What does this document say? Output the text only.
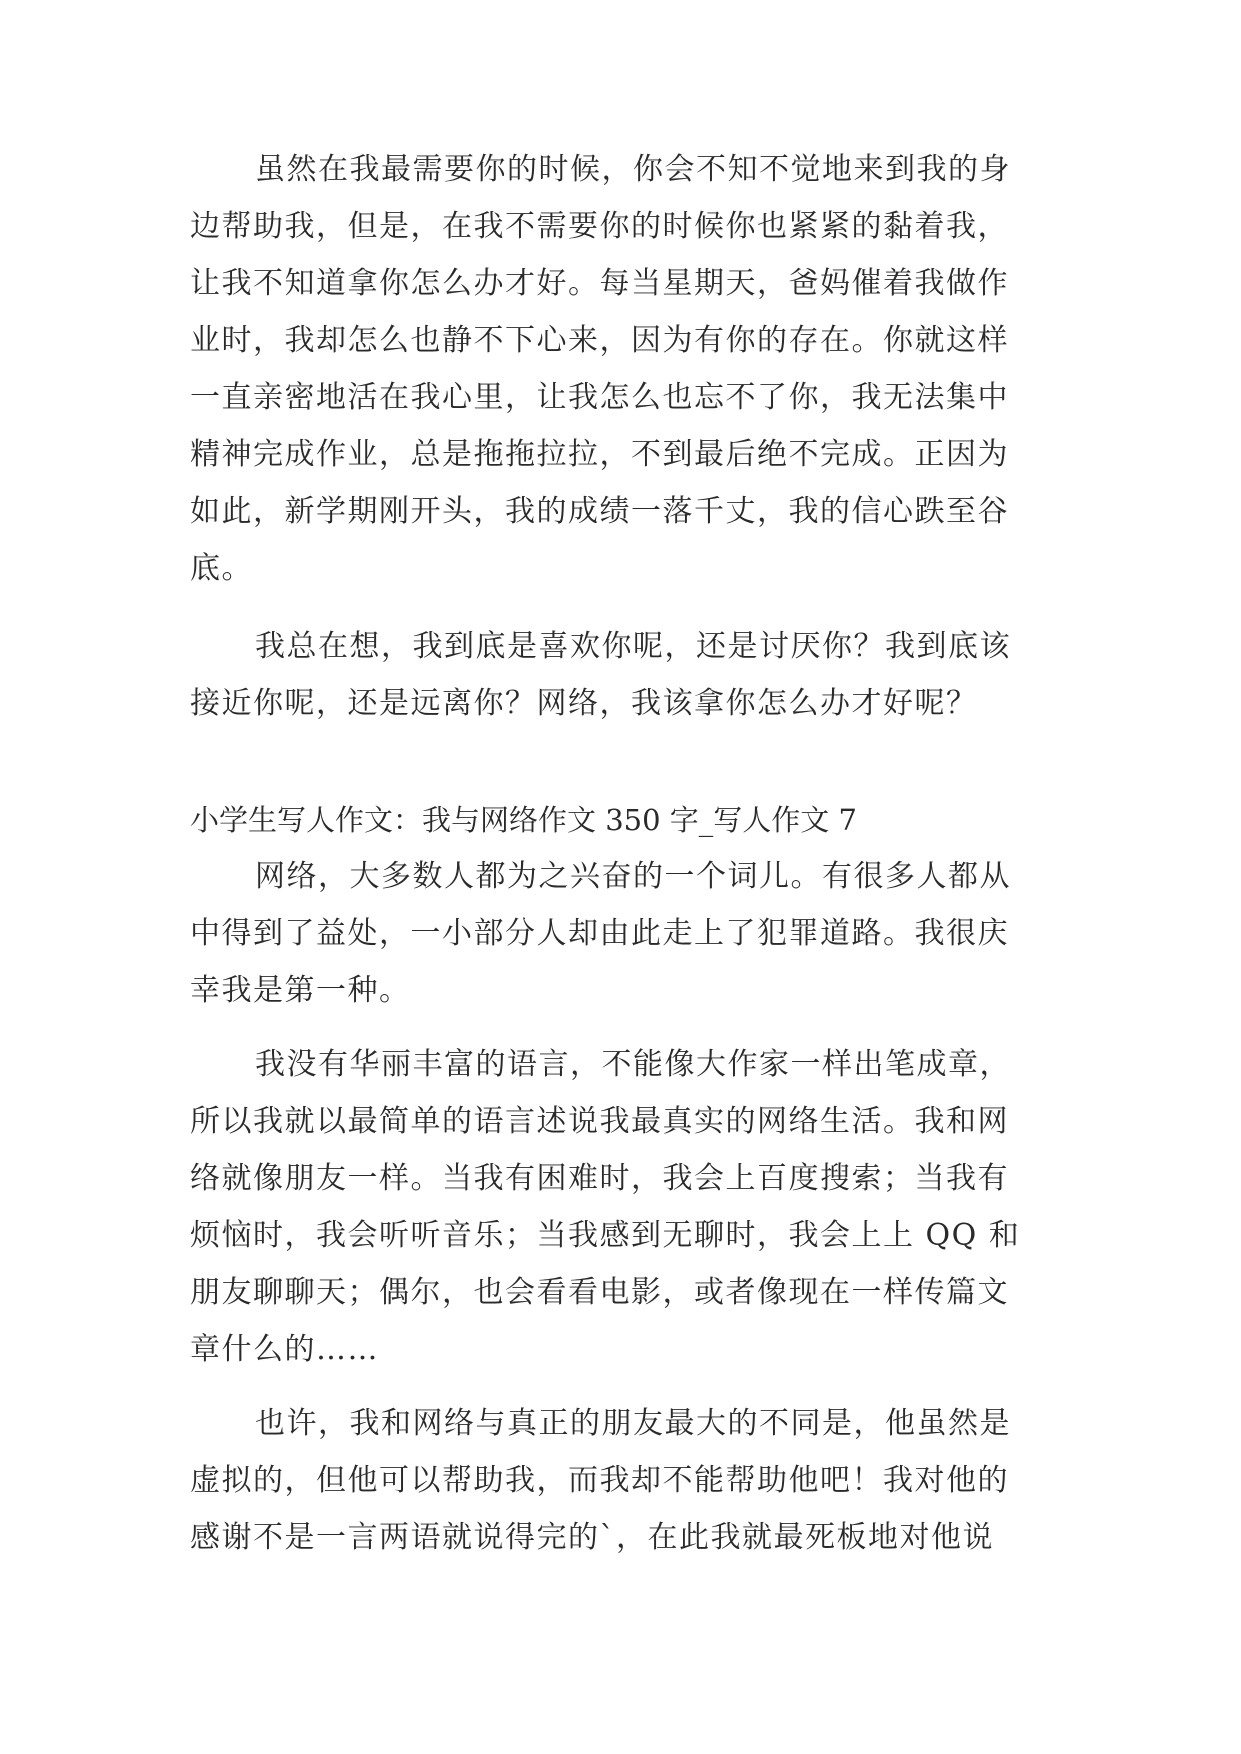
虽然在我最需要你的时候，你会不知不觉地来到我的身
边帮助我，但是，在我不需要你的时候你也紧紧的黏着我，
让我不知道拿你怎么办才好。每当星期天，爸妈催着我做作
业时，我却怎么也静不下心来，因为有你的存在。你就这样
一直亲密地活在我心里，让我怎么也忘不了你，我无法集中
精神完成作业，总是拖拖拉拉，不到最后绝不完成。正因为
如此，新学期刚开头，我的成绩一落千丈，我的信心跌至谷
底。
我总在想，我到底是喜欢你呢，还是讨厌你？我到底该
接近你呢，还是远离你？网络，我该拿你怎么办才好呢？
小学生写人作文：我与网络作文 350 字_写人作文 7
网络，大多数人都为之兴奋的一个词儿。有很多人都从
中得到了益处，一小部分人却由此走上了犯罪道路。我很庆
幸我是第一种。
我没有华丽丰富的语言，不能像大作家一样出笔成章，
所以我就以最简单的语言述说我最真实的网络生活。我和网
络就像朋友一样。当我有困难时，我会上百度搜索；当我有
烦恼时，我会听听音乐；当我感到无聊时，我会上上 QQ 和
朋友聊聊天；偶尔，也会看看电影，或者像现在一样传篇文
章什么的……
也许，我和网络与真正的朋友最大的不同是，他虽然是
虚拟的，但他可以帮助我，而我却不能帮助他吧！我对他的
感谢不是一言两语就说得完的`，在此我就最死板地对他说
